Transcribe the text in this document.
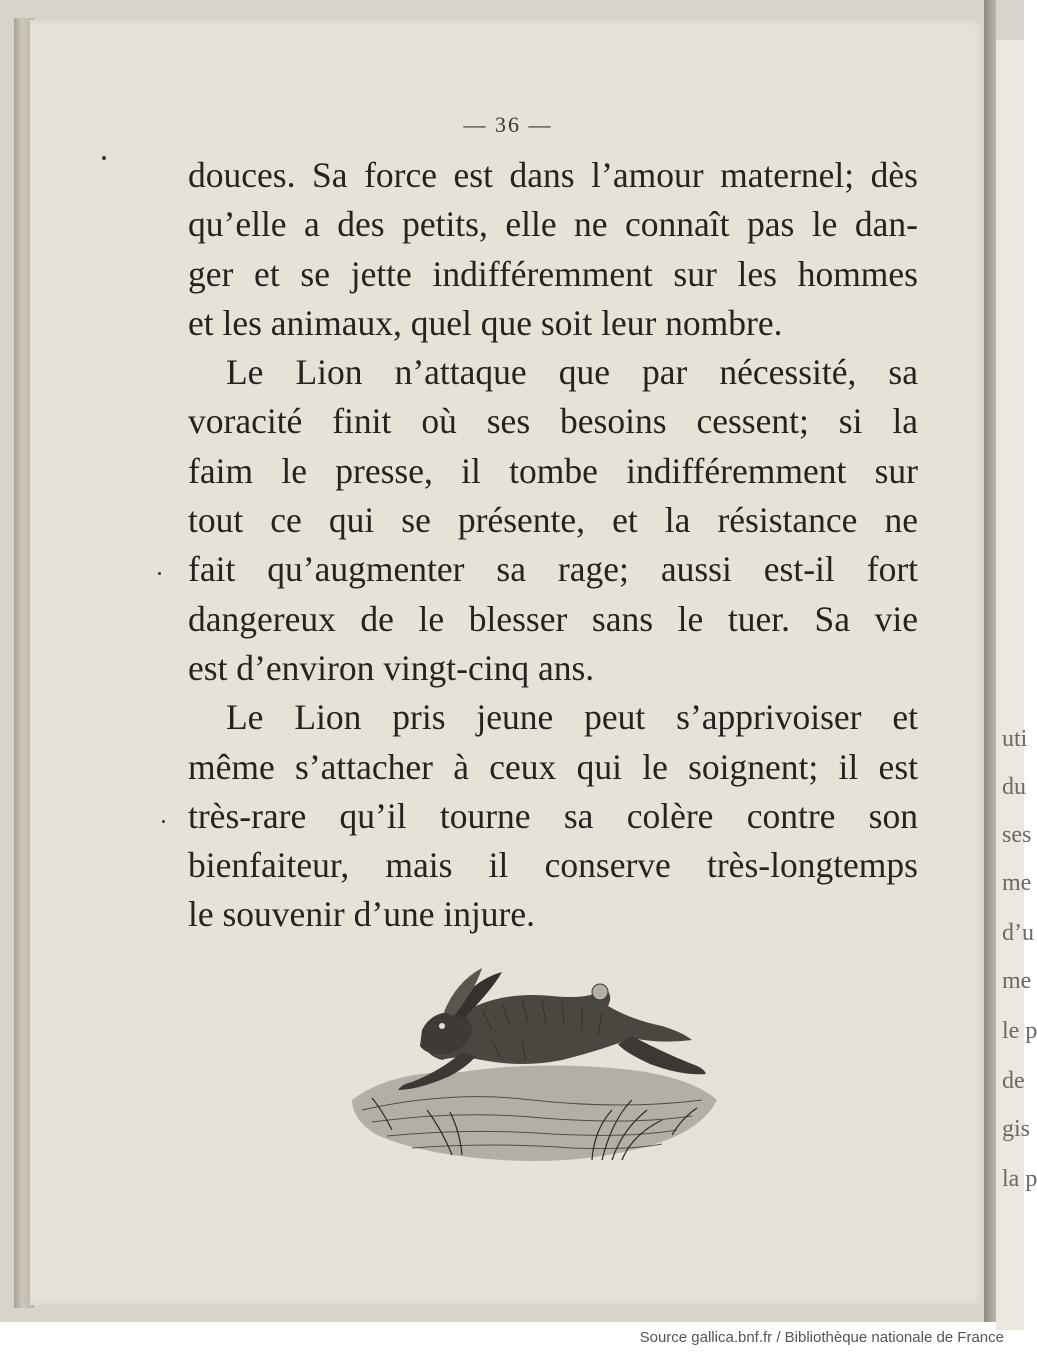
— 36 —
uti
du
ses
me
d’u
me
le p
de
gis
la p
douces. Sa force est dans l’amour maternel; dès
qu’elle a des petits, elle ne connaît pas le dan-
ger et se jette indifféremment sur les hommes
et les animaux, quel que soit leur nombre.
Le Lion n’attaque que par nécessité, sa
voracité finit où ses besoins cessent; si la
faim le presse, il tombe indifféremment sur
tout ce qui se présente, et la résistance ne
fait qu’augmenter sa rage; aussi est-il fort
dangereux de le blesser sans le tuer. Sa vie
est d’environ vingt-cinq ans.
Le Lion pris jeune peut s’apprivoiser et
même s’attacher à ceux qui le soignent; il est
très-rare qu’il tourne sa colère contre son
bienfaiteur, mais il conserve très-longtemps
le souvenir d’une injure.
Source gallica.bnf.fr / Bibliothèque nationale de France
